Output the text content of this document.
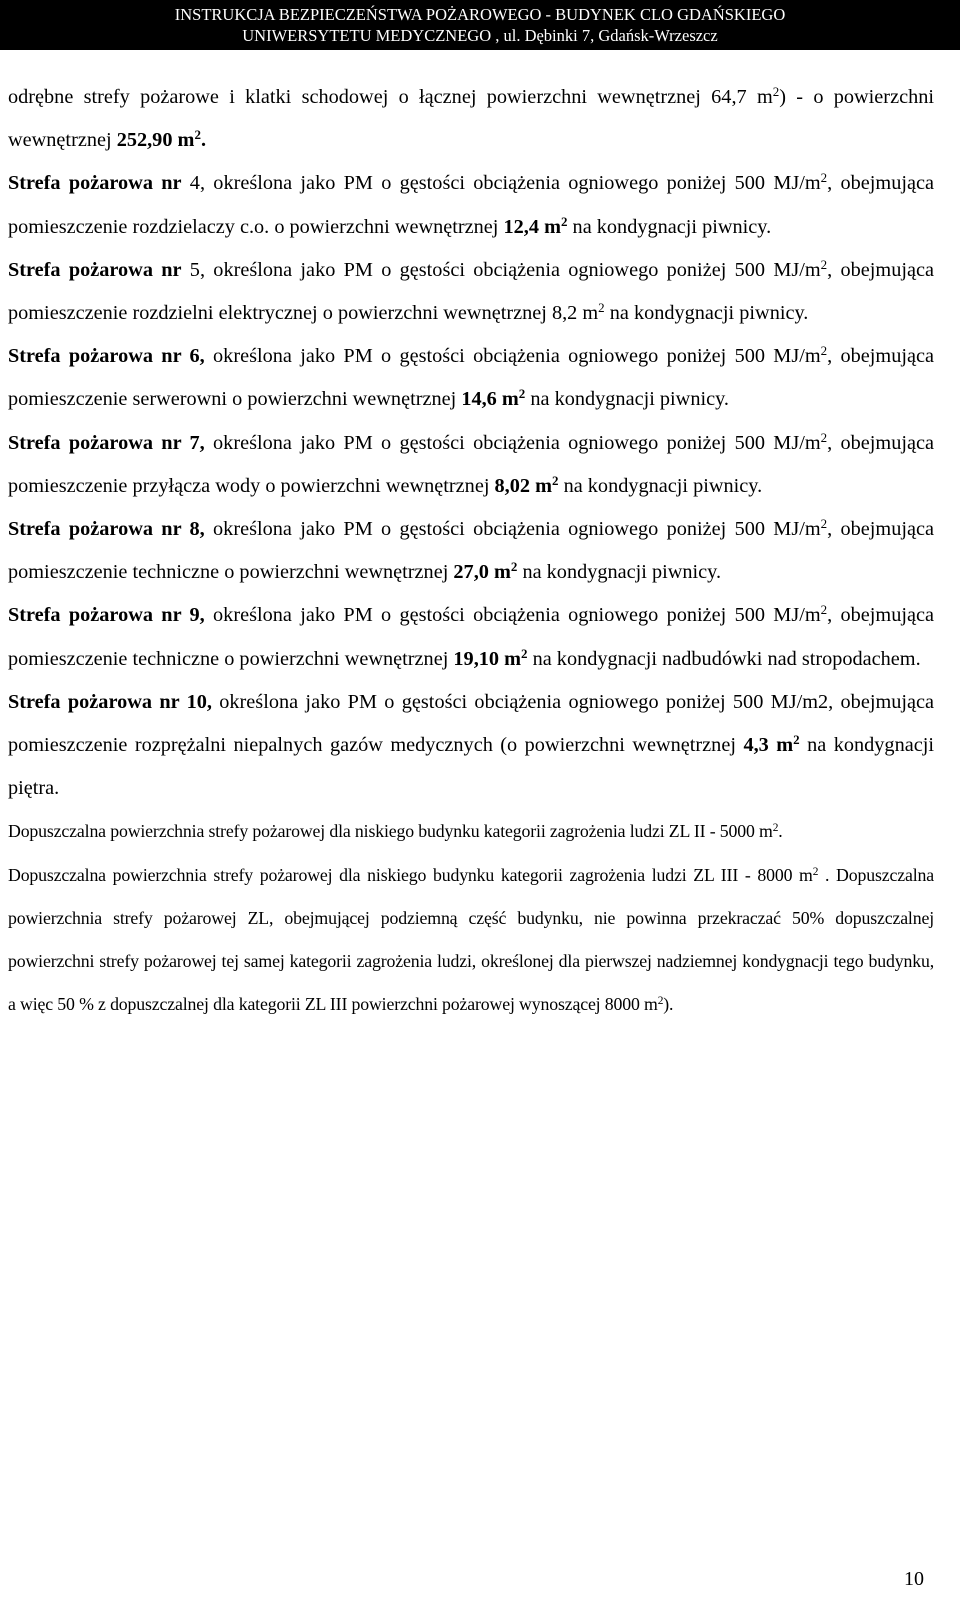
INSTRUKCJA BEZPIECZEŃSTWA POŻAROWEGO - BUDYNEK CLO GDAŃSKIEGO
UNIWERSYTETU MEDYCZNEGO , ul. Dębinki 7, Gdańsk-Wrzeszcz

odrębne strefy pożarowe i klatki schodowej o łącznej powierzchni wewnętrznej 64,7 $m^2$) - o powierzchni wewnętrznej 252,90 $m^2$.

Strefa pożarowa nr 4, określona jako PM o gęstości obciążenia ogniowego poniżej 500 $MJ/m^2$, obejmująca pomieszczenie rozdzielaczy c.o. o powierzchni wewnętrznej 12,4 $m^2$ na kondygnacji piwnicy.

Strefa pożarowa nr 5, określona jako PM o gęstości obciążenia ogniowego poniżej 500 $MJ/m^2$, obejmująca pomieszczenie rozdzielni elektrycznej o powierzchni wewnętrznej 8,2 $m^2$ na kondygnacji piwnicy.

Strefa pożarowa nr 6, określona jako PM o gęstości obciążenia ogniowego poniżej 500 $MJ/m^2$, obejmująca pomieszczenie serwerowni o powierzchni wewnętrznej 14,6 $m^2$ na kondygnacji piwnicy.

Strefa pożarowa nr 7, określona jako PM o gęstości obciążenia ogniowego poniżej 500 $MJ/m^2$, obejmująca pomieszczenie przyłącza wody o powierzchni wewnętrznej 8,02 $m^2$ na kondygnacji piwnicy.

Strefa pożarowa nr 8, określona jako PM o gęstości obciążenia ogniowego poniżej 500 $MJ/m^2$, obejmująca pomieszczenie techniczne o powierzchni wewnętrznej 27,0 $m^2$ na kondygnacji piwnicy.

Strefa pożarowa nr 9, określona jako PM o gęstości obciążenia ogniowego poniżej 500 $MJ/m^2$, obejmująca pomieszczenie techniczne o powierzchni wewnętrznej 19,10 $m^2$ na kondygnacji nadbudówki nad stropodachem.

Strefa pożarowa nr 10, określona jako PM o gęstości obciążenia ogniowego poniżej 500 MJ/m2, obejmująca pomieszczenie rozprężalni niepalnych gazów medycznych (o powierzchni wewnętrznej 4,3 $m^2$ na kondygnacji piętra.

Dopuszczalna powierzchnia strefy pożarowej dla niskiego budynku kategorii zagrożenia ludzi ZL II - 5000 $m^2$.

Dopuszczalna powierzchnia strefy pożarowej dla niskiego budynku kategorii zagrożenia ludzi ZL III - 8000 $m^2$ . Dopuszczalna powierzchnia strefy pożarowej ZL, obejmującej podziemną część budynku, nie powinna przekraczać 50% dopuszczalnej powierzchni strefy pożarowej tej samej kategorii zagrożenia ludzi, określonej dla pierwszej nadziemnej kondygnacji tego budynku, a więc 50 % z dopuszczalnej dla kategorii ZL III powierzchni pożarowej wynoszącej 8000 $m^2$).

10
